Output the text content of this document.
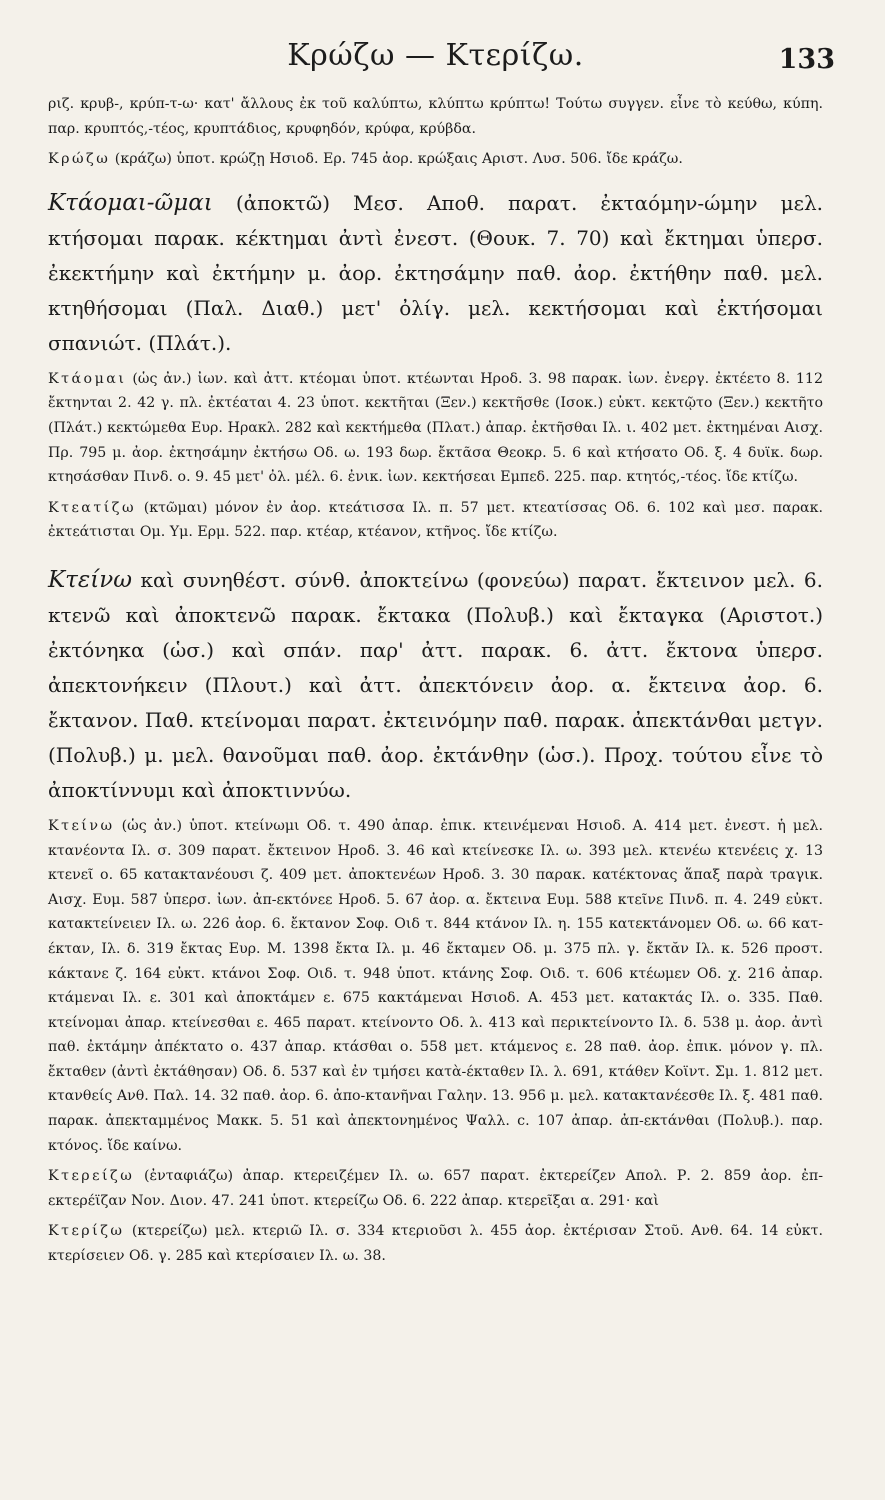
Κρώζω — Κτερίζω.	133

ριζ. κρυβ-, κρύπ-τ-ω· κατ' ἄλλους ἐκ τοῦ καλύπτω, κλύπτω κρύπτω! Τούτω συγγεν. εἶνε τὸ κεύθω, κύπη. παρ. κρυπτός,-τέος, κρυπτάδιος, κρυφηδόν, κρύφα, κρύβδα.

Κρώζω (κράζω) ὑποτ. κρώζῃ Ησιοδ. Ερ. 745 ἀορ. κρώξαις Αριστ. Λυσ. 506. ἴδε κράζω.

Κτάομαι-ῶμαι (ἀποκτῶ) Μεσ. Αποθ. παρατ. ἐκταόμην-ώμην μελ. κτήσομαι παρακ. κέκτημαι ἀντὶ ἐνεστ. (Θουκ. 7. 70) καὶ ἔκτημαι ὑπερσ. ἐκεκτήμην καὶ ἐκτήμην μ. ἀορ. ἐκτησάμην παθ. ἀορ. ἐκτήθην παθ. μελ. κτηθήσομαι (Παλ. Διαθ.) μετ' ὀλίγ. μελ. κεκτήσομαι καὶ ἐκτήσομαι σπανιώτ. (Πλάτ.).

Κτάομαι (ὡς ἀν.) ἰων. καὶ ἀττ. κτέομαι ὑποτ. κτέωνται Ηροδ. 3. 98 παρακ. ἰων. ἐνεργ. ἐκτέετο 8. 112 ἔκτηνται 2. 42 γ. πλ. ἐκτέαται 4. 23 ὑποτ. κεκτῆται (Ξεν.) κεκτῆσθε (Ισοκ.) εὐκτ. κεκτῷτο (Ξεν.) κεκτῆτο (Πλάτ.) κεκτώμεθα Ευρ. Ηρακλ. 282 καὶ κεκτήμεθα (Πλατ.) ἀπαρ. ἐκτῆσθαι Ιλ. ι. 402 μετ. ἐκτημέναι Αισχ. Πρ. 795 μ. ἀορ. ἐκτησάμην ἐκτήσω Οδ. ω. 193 δωρ. ἔκτᾶσα Θεοκρ. 5. 6 καὶ κτήσατο Οδ. ξ. 4 δυϊκ. δωρ. κτησάσθαν Πινδ. ο. 9. 45 μετ' ὀλ. μέλ. 6. ἐνικ. ἰων. κεκτήσεαι Εμπεδ. 225. παρ. κτητός,-τέος. ἴδε κτίζω.

Κτεατίζω (κτῶμαι) μόνον ἐν ἀορ. κτεάτισσα Ιλ. π. 57 μετ. κτεατίσσας Οδ. 6. 102 καὶ μεσ. παρακ. ἐκτεάτισται Ομ. Υμ. Ερμ. 522. παρ. κτέαρ, κτέανον, κτῆνος. ἴδε κτίζω.

Κτείνω καὶ συνηθέστ. σύνθ. ἀποκτείνω (φονεύω) παρατ. ἔκτεινον μελ. 6. κτενῶ καὶ ἀποκτενῶ παρακ. ἔκτακα (Πολυβ.) καὶ ἔκταγκα (Αριστοτ.) ἐκτόνηκα (ὡσ.) καὶ σπάν. παρ' ἀττ. παρακ. 6. ἀττ. ἔκτονα ὑπερσ. ἀπεκτονήκειν (Πλουτ.) καὶ ἀττ. ἀπεκτόνειν ἀορ. α. ἔκτεινα ἀορ. 6. ἔκτανον. Παθ. κτείνομαι παρατ. ἐκτεινόμην παθ. παρακ. ἀπεκτάνθαι μετγν. (Πολυβ.) μ. μελ. θανοῦμαι παθ. ἀορ. ἐκτάνθην (ὡσ.). Προχ. τούτου εἶνε τὸ ἀποκτίννυμι καὶ ἀποκτιννύω.

Κτείνω (ὡς ἀν.) ὑποτ. κτείνωμι Οδ. τ. 490 ἀπαρ. ἐπικ. κτεινέμεναι Ησιοδ. Α. 414 μετ. ἐνεστ. ἡ μελ. κτανέοντα Ιλ. σ. 309 παρατ. ἔκτεινον Ηροδ. 3. 46 καὶ κτείνεσκε Ιλ. ω. 393 μελ. κτενέω κτενέεις χ. 13 κτενεῖ ο. 65 κατακτανέουσι ζ. 409 μετ. ἀποκτενέων Ηροδ. 3. 30 παρακ. κατέκτονας ἅπαξ παρὰ τραγικ. Αισχ. Ευμ. 587 ὑπερσ. ἰων. ἀπ-εκτόνεε Ηροδ. 5. 67 ἀορ. α. ἔκτεινα Ευμ. 588 κτεῖνε Πινδ. π. 4. 249 εὐκτ. κατακτείνειεν Ιλ. ω. 226 ἀορ. 6. ἔκτανον Σοφ. Οιδ τ. 844 κτάνον Ιλ. η. 155 κατεκτάνομεν Οδ. ω. 66 κατ-έκταν, Ιλ. δ. 319 ἔκτας Ευρ. Μ. 1398 ἔκτα Ιλ. μ. 46 ἔκταμεν Οδ. μ. 375 πλ. γ. ἔκτᾰν Ιλ. κ. 526 προστ. κάκτανε ζ. 164 εὐκτ. κτάνοι Σοφ. Οιδ. τ. 948 ὑποτ. κτάνης Σοφ. Οιδ. τ. 606 κτέωμεν Οδ. χ. 216 ἀπαρ. κτάμεναι Ιλ. ε. 301 καὶ ἀποκτάμεν ε. 675 κακτάμεναι Ησιοδ. Α. 453 μετ. κατακτάς Ιλ. ο. 335. Παθ. κτείνομαι ἀπαρ. κτείνεσθαι ε. 465 παρατ. κτείνοντο Οδ. λ. 413 καὶ περικτείνοντο Ιλ. δ. 538 μ. ἀορ. ἀντὶ παθ. ἐκτάμην ἀπέκτατο ο. 437 ἀπαρ. κτάσθαι ο. 558 μετ. κτάμενος ε. 28 παθ. ἀορ. ἐπικ. μόνον γ. πλ. ἔκταθεν (ἀντὶ ἐκτάθησαν) Οδ. δ. 537 καὶ ἐν τμήσει κατὰ-έκταθεν Ιλ. λ. 691, κτάθεν Κοϊντ. Σμ. 1. 812 μετ. κτανθείς Ανθ. Παλ. 14. 32 παθ. ἀορ. 6. ἀπο-κτανῆναι Γαλην. 13. 956 μ. μελ. κατακτανέεσθε Ιλ. ξ. 481 παθ. παρακ. ἀπεκταμμένος Μακκ. 5. 51 καὶ ἀπεκτονημένος Ψαλλ. c. 107 ἀπαρ. ἀπ-εκτάνθαι (Πολυβ.). παρ. κτόνος. ἴδε καίνω.

Κτερείζω (ἐνταφιάζω) ἀπαρ. κτερειζέμεν Ιλ. ω. 657 παρατ. ἐκτερείζεν Απολ. Ρ. 2. 859 ἀορ. ἐπ-εκτερέϊζαν Νον. Διον. 47. 241 ὑποτ. κτερείζω Οδ. 6. 222 ἀπαρ. κτερεῖξαι α. 291· καὶ

Κτερίζω (κτερείζω) μελ. κτεριῶ Ιλ. σ. 334 κτεριοῦσι λ. 455 ἀορ. ἐκτέρισαν Στοῦ. Ανθ. 64. 14 εὐκτ. κτερίσειεν Οδ. γ. 285 καὶ κτερίσαιεν Ιλ. ω. 38.
